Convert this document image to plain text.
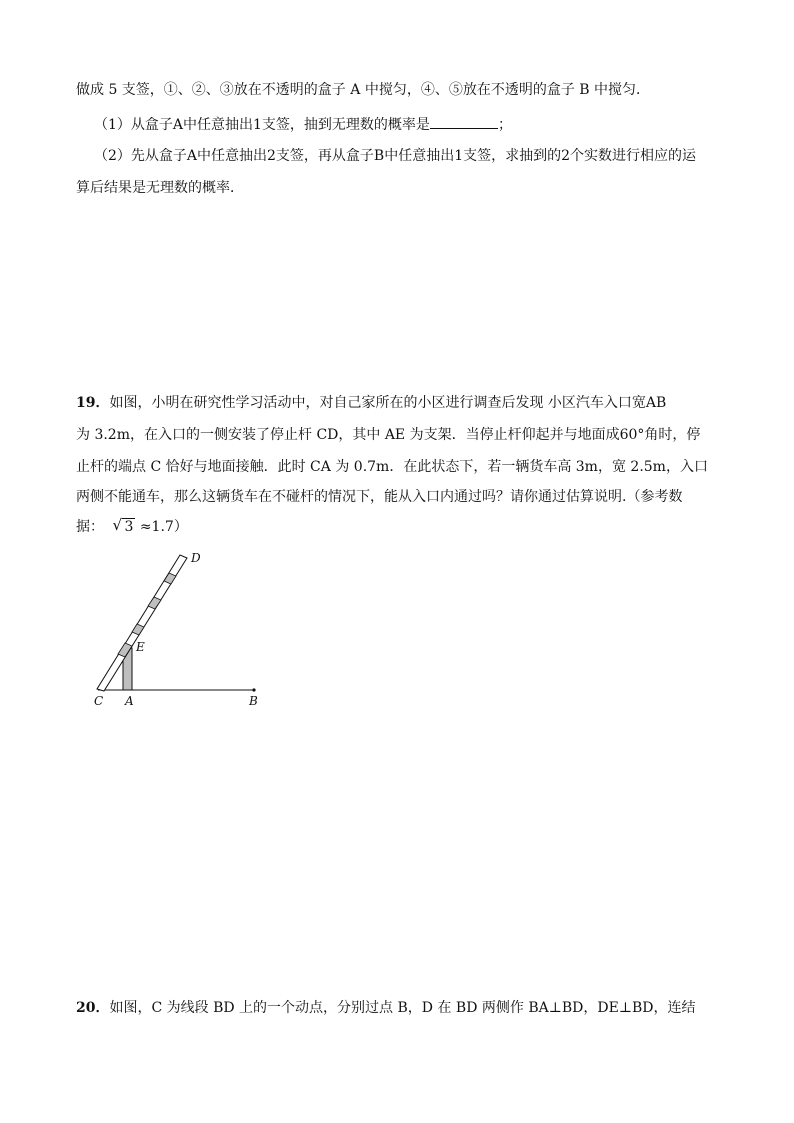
做成 5 支签，①、②、③放在不透明的盒子 A 中搅匀，④、⑤放在不透明的盒子 B 中搅匀．
（1）从盒子A中任意抽出1支签，抽到无理数的概率是	；
（2）先从盒子A中任意抽出2支签，再从盒子B中任意抽出1支签，求抽到的2个实数进行相应的运
算后结果是无理数的概率．
19．如图，小明在研究性学习活动中，对自己家所在的小区进行调查后发现 小区汽车入口宽AB
为 3.2m，在入口的一侧安装了停止杆 CD，其中 AE 为支架．当停止杆仰起并与地面成60°角时，停
止杆的端点 C 恰好与地面接触．此时 CA 为 0.7m．在此状态下，若一辆货车高 3m，宽 2.5m，入口
两侧不能通车，那么这辆货车在不碰杆的情况下，能从入口内通过吗？请你通过估算说明.（参考数
据： √ 3 ≈1.7）
C A	B
D
E
20．如图，C 为线段 BD 上的一个动点，分别过点 B，D 在 BD 两侧作 BA⊥BD，DE⊥BD，连结
